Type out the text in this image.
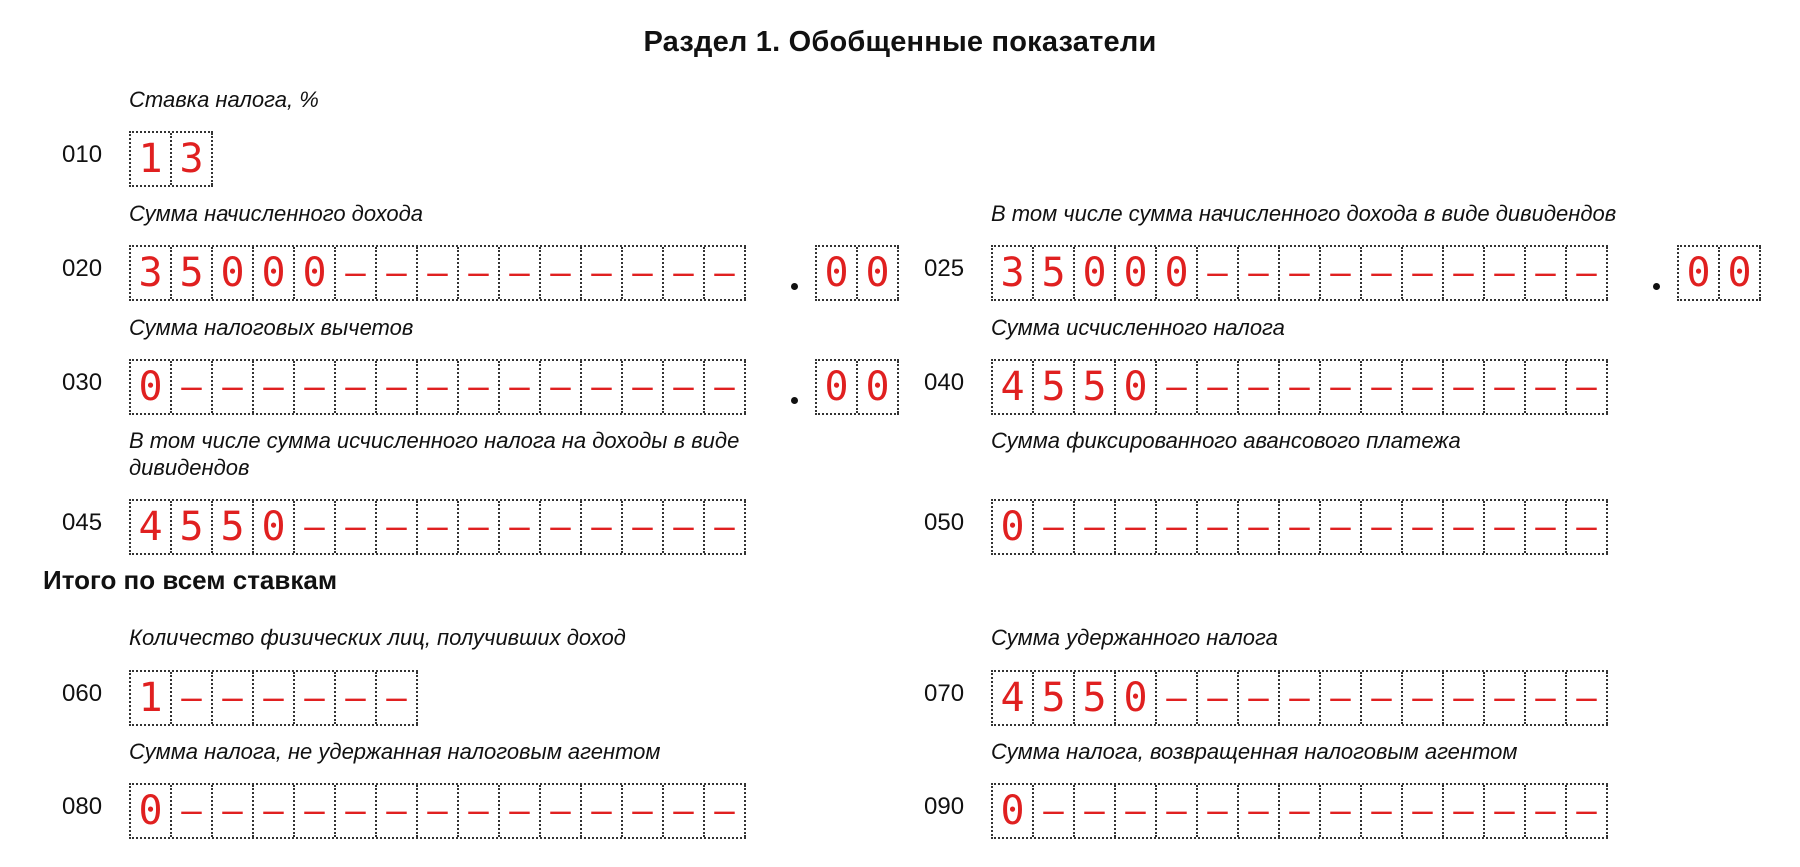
Раздел 1. Обобщенные показатели
Ставка налога, %
010 1 3
Сумма начисленного дохода
020 3 5 0 0 0 – – – – – – – – – – 0 0
В том числе сумма начисленного дохода в виде дивидендов
025 3 5 0 0 0 – – – – – – – – – – 0 0
Сумма налоговых вычетов
030 0 – – – – – – – – – – – – – – 0 0
Сумма исчисленного налога
040 4 5 5 0 – – – – – – – – – – –
В том числе сумма исчисленного налога на доходы в виде дивидендов
045 4 5 5 0 – – – – – – – – – – –
Сумма фиксированного авансового платежа
050 0 – – – – – – – – – – – – – –
Итого по всем ставкам
Количество физических лиц, получивших доход
060 1 – – – – – –
Сумма удержанного налога
070 4 5 5 0 – – – – – – – – – – –
Сумма налога, не удержанная налоговым агентом
080 0 – – – – – – – – – – – – – –
Сумма налога, возвращенная налоговым агентом
090 0 – – – – – – – – – – – – – –
